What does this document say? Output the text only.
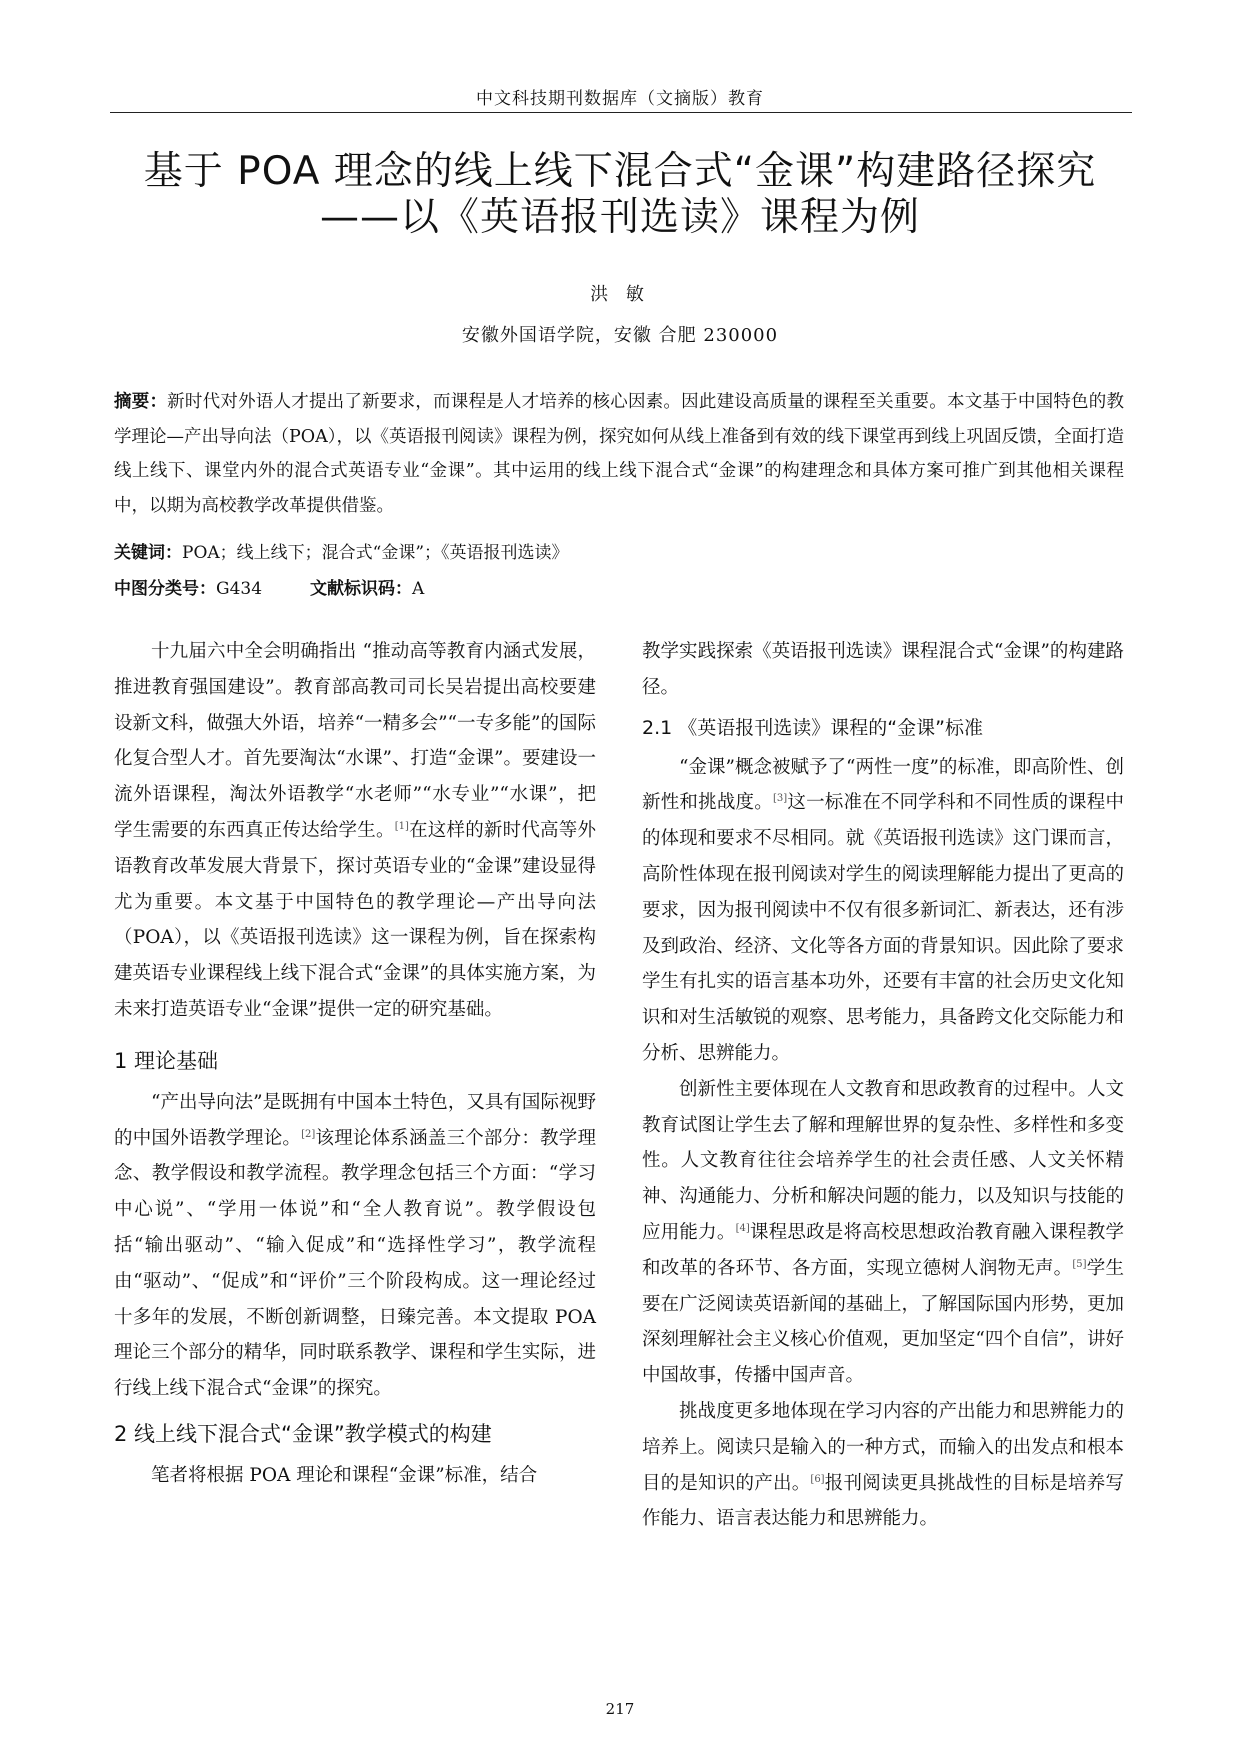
中文科技期刊数据库（文摘版）教育
基于 POA 理念的线上线下混合式“金课”构建路径探究
——以《英语报刊选读》课程为例
洪 敏
安徽外国语学院，安徽 合肥 230000
摘要：新时代对外语人才提出了新要求，而课程是人才培养的核心因素。因此建设高质量的课程至关重要。本文基于中国特色的教学理论—产出导向法（POA），以《英语报刊阅读》课程为例，探究如何从线上准备到有效的线下课堂再到线上巩固反馈，全面打造线上线下、课堂内外的混合式英语专业“金课”。其中运用的线上线下混合式“金课”的构建理念和具体方案可推广到其他相关课程中，以期为高校教学改革提供借鉴。
关键词：POA；线上线下；混合式“金课”；《英语报刊选读》
中图分类号：G434	文献标识码：A

十九届六中全会明确指出 “推动高等教育内涵式发展，推进教育强国建设”。教育部高教司司长吴岩提出高校要建设新文科，做强大外语，培养“一精多会”“一专多能”的国际化复合型人才。首先要淘汰“水课”、打造“金课”。要建设一流外语课程，淘汰外语教学“水老师”“水专业”“水课”，把学生需要的东西真正传达给学生。[1]在这样的新时代高等外语教育改革发展大背景下，探讨英语专业的“金课”建设显得尤为重要。本文基于中国特色的教学理论—产出导向法（POA），以《英语报刊选读》这一课程为例，旨在探索构建英语专业课程线上线下混合式“金课”的具体实施方案，为未来打造英语专业“金课”提供一定的研究基础。

1 理论基础

“产出导向法”是既拥有中国本土特色，又具有国际视野的中国外语教学理论。[2]该理论体系涵盖三个部分：教学理念、教学假设和教学流程。教学理念包括三个方面：“学习中心说”、“学用一体说”和“全人教育说”。教学假设包括“输出驱动”、“输入促成”和“选择性学习”，教学流程由“驱动”、“促成”和“评价”三个阶段构成。这一理论经过十多年的发展，不断创新调整，日臻完善。本文提取 POA 理论三个部分的精华，同时联系教学、课程和学生实际，进行线上线下混合式“金课”的探究。

2 线上线下混合式“金课”教学模式的构建

笔者将根据 POA 理论和课程“金课”标准，结合

教学实践探索《英语报刊选读》课程混合式“金课”的构建路径。

2.1 《英语报刊选读》课程的“金课”标准

“金课”概念被赋予了“两性一度”的标准，即高阶性、创新性和挑战度。[3]这一标准在不同学科和不同性质的课程中的体现和要求不尽相同。就《英语报刊选读》这门课而言，高阶性体现在报刊阅读对学生的阅读理解能力提出了更高的要求，因为报刊阅读中不仅有很多新词汇、新表达，还有涉及到政治、经济、文化等各方面的背景知识。因此除了要求学生有扎实的语言基本功外，还要有丰富的社会历史文化知识和对生活敏锐的观察、思考能力，具备跨文化交际能力和分析、思辨能力。

创新性主要体现在人文教育和思政教育的过程中。人文教育试图让学生去了解和理解世界的复杂性、多样性和多变性。人文教育往往会培养学生的社会责任感、人文关怀精神、沟通能力、分析和解决问题的能力，以及知识与技能的应用能力。[4]课程思政是将高校思想政治教育融入课程教学和改革的各环节、各方面，实现立德树人润物无声。[5]学生要在广泛阅读英语新闻的基础上，了解国际国内形势，更加深刻理解社会主义核心价值观，更加坚定“四个自信”，讲好中国故事，传播中国声音。

挑战度更多地体现在学习内容的产出能力和思辨能力的培养上。阅读只是输入的一种方式，而输入的出发点和根本目的是知识的产出。[6]报刊阅读更具挑战性的目标是培养写作能力、语言表达能力和思辨能力。

217
